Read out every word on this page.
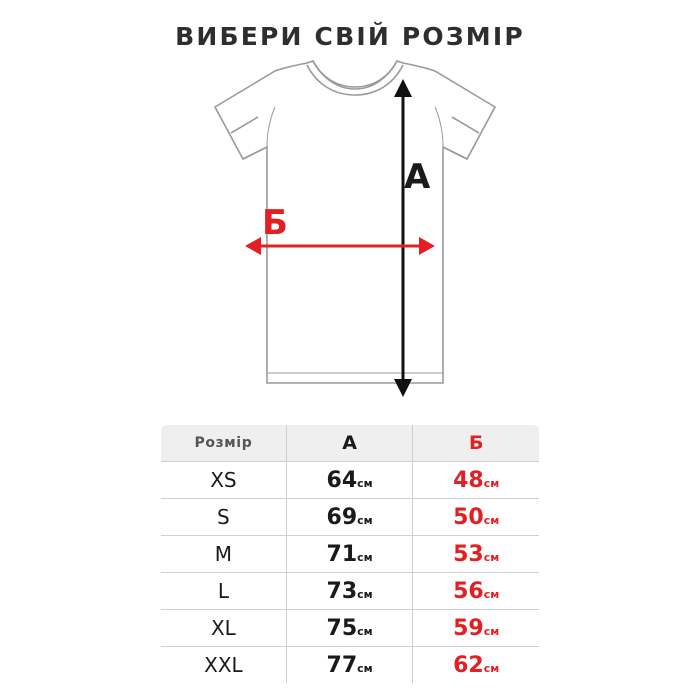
ВИБЕРИ СВІЙ РОЗМІР
А
Б
Розмір	А	Б
XS	64см	48см
S	69см	50см
M	71см	53см
L	73см	56см
XL	75см	59см
XXL	77см	62см
